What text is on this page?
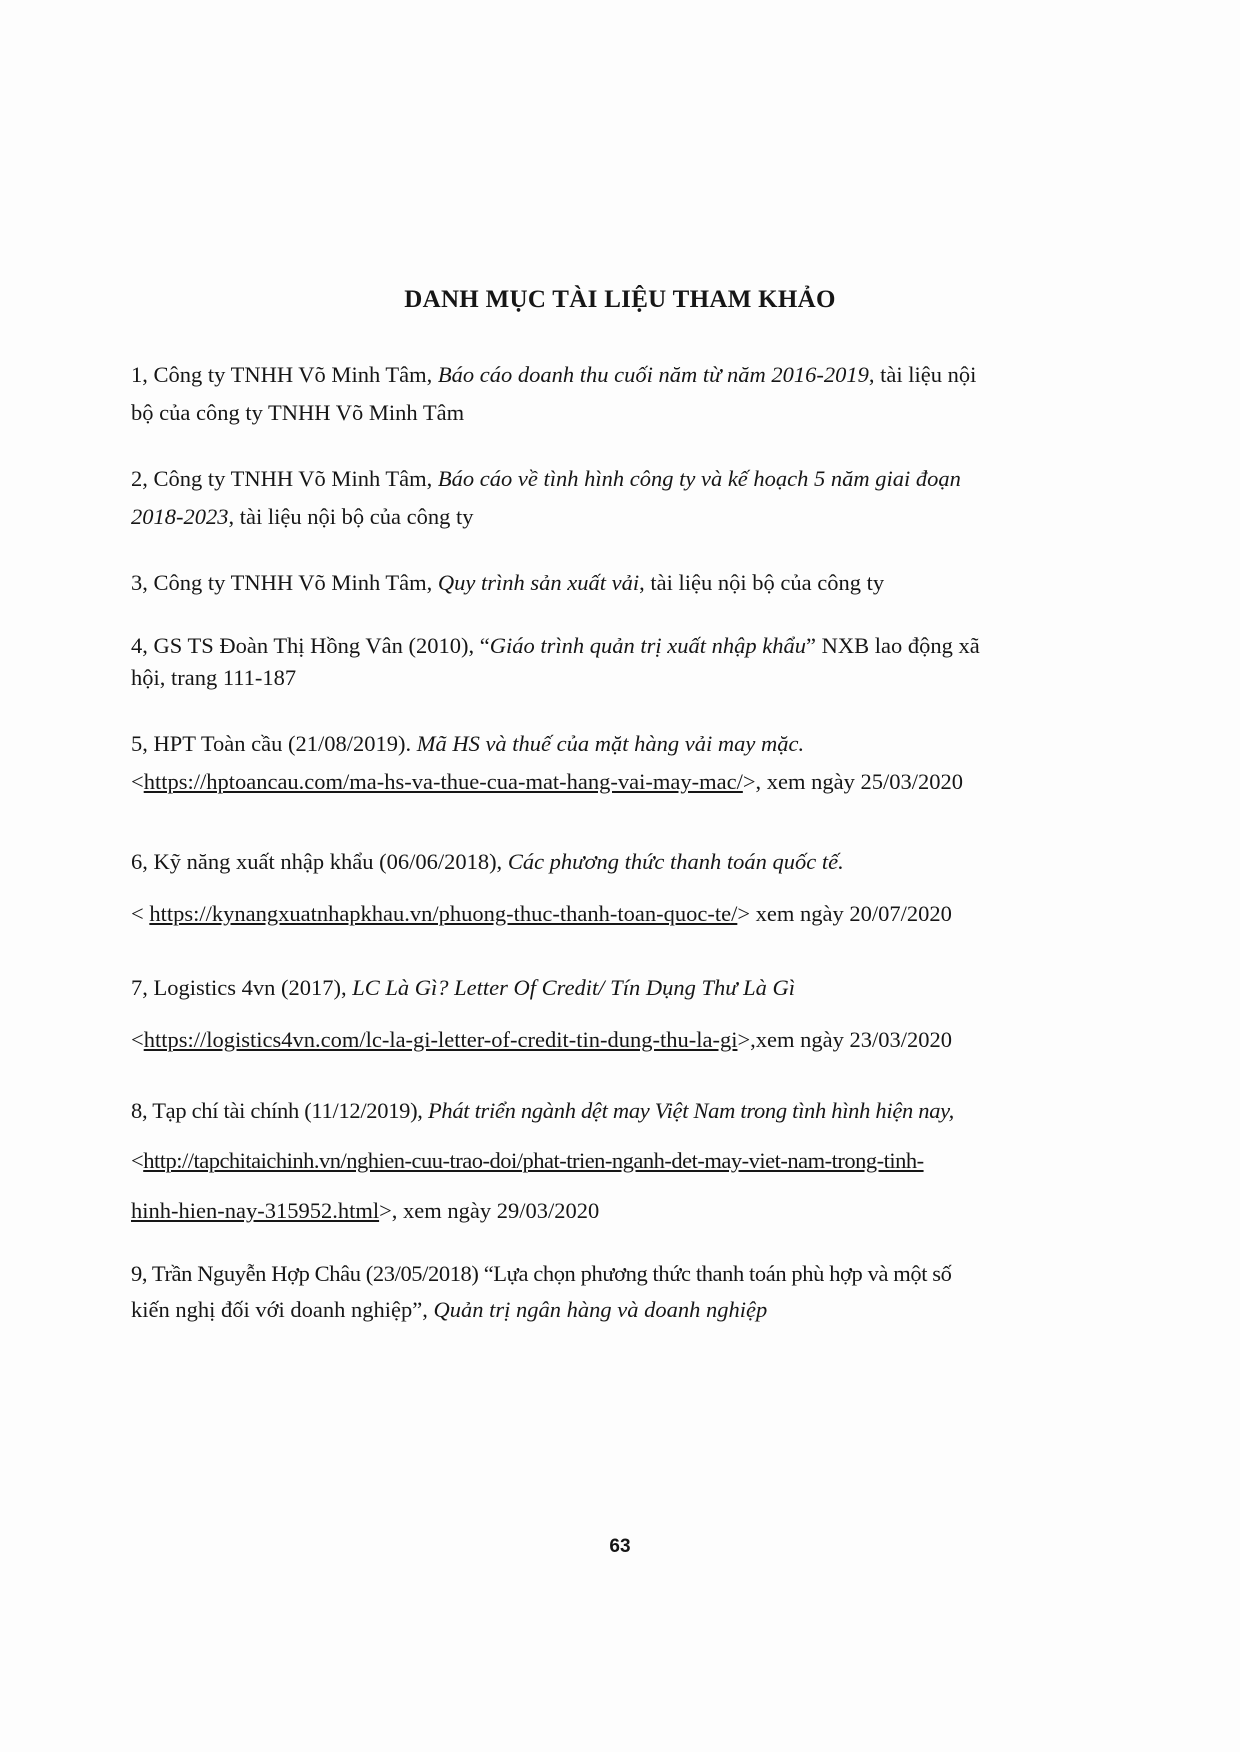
DANH MỤC TÀI LIỆU THAM KHẢO
1, Công ty TNHH Võ Minh Tâm, Báo cáo doanh thu cuối năm từ năm 2016-2019, tài liệu nội
bộ của công ty TNHH Võ Minh Tâm
2, Công ty TNHH Võ Minh Tâm, Báo cáo về tình hình công ty và kế hoạch 5 năm giai đoạn
2018-2023, tài liệu nội bộ của công ty
3, Công ty TNHH Võ Minh Tâm, Quy trình sản xuất vải, tài liệu nội bộ của công ty
4, GS TS Đoàn Thị Hồng Vân (2010), “Giáo trình quản trị xuất nhập khẩu” NXB lao động xã
hội, trang 111-187
5, HPT Toàn cầu (21/08/2019). Mã HS và thuế của mặt hàng vải may mặc.
<https://hptoancau.com/ma-hs-va-thue-cua-mat-hang-vai-may-mac/>, xem ngày 25/03/2020
6, Kỹ năng xuất nhập khẩu (06/06/2018), Các phương thức thanh toán quốc tế.
< https://kynangxuatnhapkhau.vn/phuong-thuc-thanh-toan-quoc-te/> xem ngày 20/07/2020
7, Logistics 4vn (2017), LC Là Gì? Letter Of Credit/ Tín Dụng Thư Là Gì
<https://logistics4vn.com/lc-la-gi-letter-of-credit-tin-dung-thu-la-gi>,xem ngày 23/03/2020
8, Tạp chí tài chính (11/12/2019), Phát triển ngành dệt may Việt Nam trong tình hình hiện nay,
<http://tapchitaichinh.vn/nghien-cuu-trao-doi/phat-trien-nganh-det-may-viet-nam-trong-tinh-
hinh-hien-nay-315952.html>, xem ngày 29/03/2020
9, Trần Nguyễn Hợp Châu (23/05/2018) “Lựa chọn phương thức thanh toán phù hợp và một số
kiến nghị đối với doanh nghiệp”, Quản trị ngân hàng và doanh nghiệp
63
